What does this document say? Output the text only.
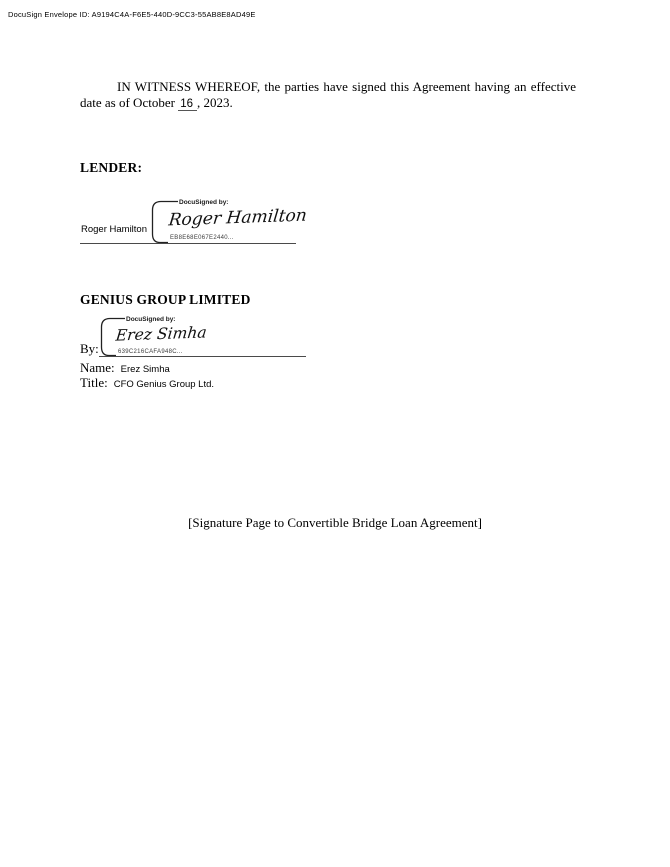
DocuSign Envelope ID: A9194C4A-F6E5-440D-9CC3-55AB8E8AD49E
IN WITNESS WHEREOF, the parties have signed this Agreement having an effective date as of October 16 , 2023.
LENDER:
Roger Hamilton
DocuSigned by:
Roger Hamilton
EB8E68E067E2440...
GENIUS GROUP LIMITED
DocuSigned by:
Erez Simha
639C216CAFA948C...
By:
Name: Erez Simha
Title: CFO Genius Group Ltd.
[Signature Page to Convertible Bridge Loan Agreement]
